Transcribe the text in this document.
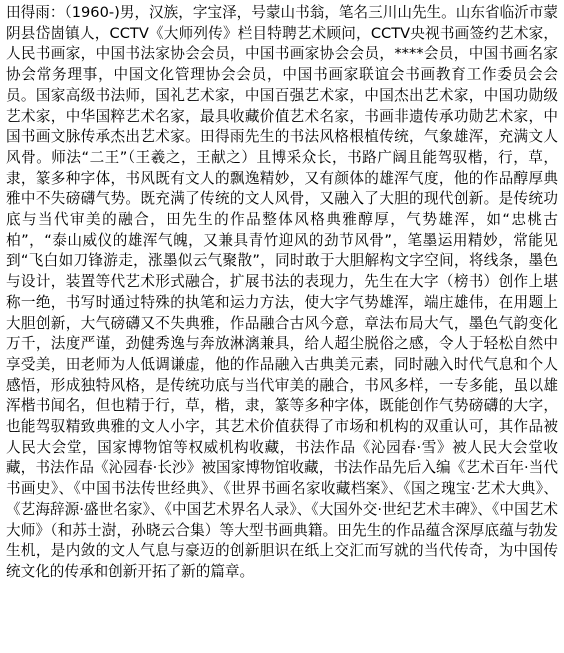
田得雨：（1960-)男，汉族，字宝泽，号蒙山书翁，笔名三川山先生。山东省临沂市蒙阴县岱崮镇人，CCTV《大师列传》栏目特聘艺术顾问，CCTV央视书画签约艺术家，人民书画家，中国书法家协会会员，中国书画家协会会员，****会员，中国书画名家协会常务理事，中国文化管理协会会员，中国书画家联谊会书画教育工作委员会会员。国家高级书法师，国礼艺术家，中国百强艺术家，中国杰出艺术家，中国功勋级艺术家，中华国粹艺术名家，最具收藏价值艺术名家，书画非遗传承功勋艺术家，中国书画文脉传承杰出艺术家。田得雨先生的书法风格根植传统，气象雄浑，充满文人风骨。师法“二王”（王羲之，王献之）且博采众长，书路广阔且能驾驭楷，行，草，隶，篆多种字体，书风既有文人的飘逸精妙，又有颜体的雄浑气度，他的作品醇厚典雅中不失磅礴气势。既充满了传统的文人风骨，又融入了大胆的现代创新。是传统功底与当代审美的融合，田先生的作品整体风格典雅醇厚，气势雄浑，如“忠桃古柏”，“泰山威仪的雄浑气魄，又兼具青竹迎风的劲节风骨”，笔墨运用精妙，常能见到“飞白如刀锋游走，涨墨似云气聚散”，同时敢于大胆解构文字空间，将线条，墨色与设计，装置等代艺术形式融合，扩展书法的表现力，先生在大字（榜书）创作上堪称一绝，书写时通过特殊的执笔和运力方法，使大字气势雄浑，端庄雄伟，在用题上大胆创新，大气磅礴又不失典雅，作品融合古风今意，章法布局大气，墨色气韵变化万千，法度严谨，劲健秀逸与奔放淋漓兼具，给人超尘脱俗之感，令人于轻松自然中享受美，田老师为人低调谦虚，他的作品融入古典美元素，同时融入时代气息和个人感悟，形成独特风格，是传统功底与当代审美的融合，书风多样，一专多能，虽以雄浑楷书闻名，但也精于行，草，楷，隶，篆等多种字体，既能创作气势磅礴的大字，也能驾驭精致典雅的文人小字，其艺术价值获得了市场和机构的双重认可，其作品被人民大会堂，国家博物馆等权威机构收藏，书法作品《沁园春·雪》被人民大会堂收藏，书法作品《沁园春·长沙》被国家博物馆收藏，书法作品先后入编《艺术百年·当代书画史》、《中国书法传世经典》、《世界书画名家收藏档案》、《国之瑰宝·艺术大典》、《艺海辞源·盛世名家》、《中国艺术界名人录》、《大国外交·世纪艺术丰碑》、《中国艺术大师》（和苏士澍，孙晓云合集）等大型书画典籍。田先生的作品蕴含深厚底蕴与勃发生机，是内敛的文人气息与豪迈的创新胆识在纸上交汇而写就的当代传奇，为中国传统文化的传承和创新开拓了新的篇章。
